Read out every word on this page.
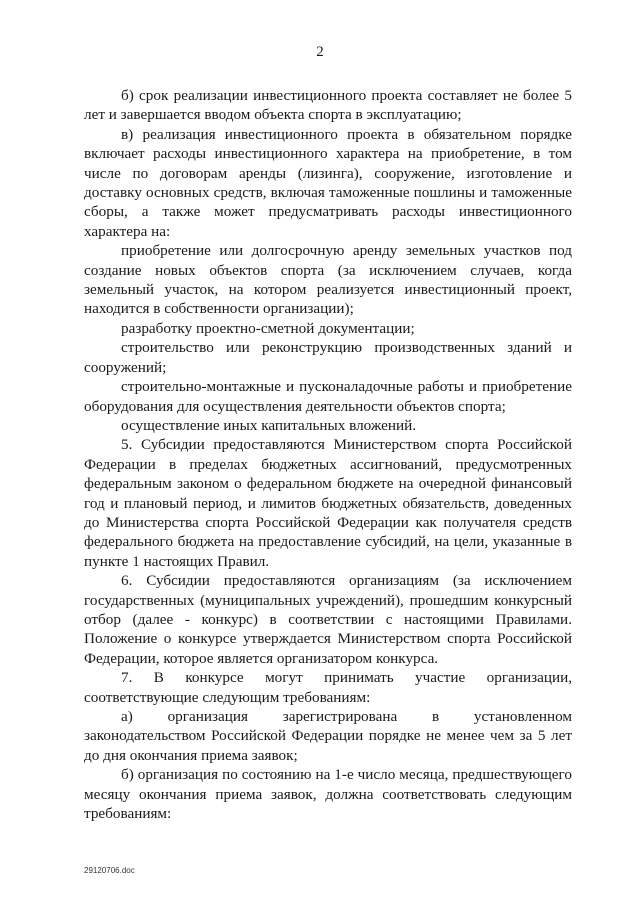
2

б) срок реализации инвестиционного проекта составляет не более 5 лет и завершается вводом объекта спорта в эксплуатацию;

в) реализация инвестиционного проекта в обязательном порядке включает расходы инвестиционного характера на приобретение, в том числе по договорам аренды (лизинга), сооружение, изготовление и доставку основных средств, включая таможенные пошлины и таможенные сборы, а также может предусматривать расходы инвестиционного характера на:

приобретение или долгосрочную аренду земельных участков под создание новых объектов спорта (за исключением случаев, когда земельный участок, на котором реализуется инвестиционный проект, находится в собственности организации);

разработку проектно-сметной документации;

строительство или реконструкцию производственных зданий и сооружений;

строительно-монтажные и пусконаладочные работы и приобретение оборудования для осуществления деятельности объектов спорта;

осуществление иных капитальных вложений.

5. Субсидии предоставляются Министерством спорта Российской Федерации в пределах бюджетных ассигнований, предусмотренных федеральным законом о федеральном бюджете на очередной финансовый год и плановый период, и лимитов бюджетных обязательств, доведенных до Министерства спорта Российской Федерации как получателя средств федерального бюджета на предоставление субсидий, на цели, указанные в пункте 1 настоящих Правил.

6. Субсидии предоставляются организациям (за исключением государственных (муниципальных учреждений), прошедшим конкурсный отбор (далее - конкурс) в соответствии с настоящими Правилами. Положение о конкурсе утверждается Министерством спорта Российской Федерации, которое является организатором конкурса.

7. В конкурсе могут принимать участие организации, соответствующие следующим требованиям:

а) организация зарегистрирована в установленном законодательством Российской Федерации порядке не менее чем за 5 лет до дня окончания приема заявок;

б) организация по состоянию на 1-е число месяца, предшествующего месяцу окончания приема заявок, должна соответствовать следующим требованиям:

29120706.doc
